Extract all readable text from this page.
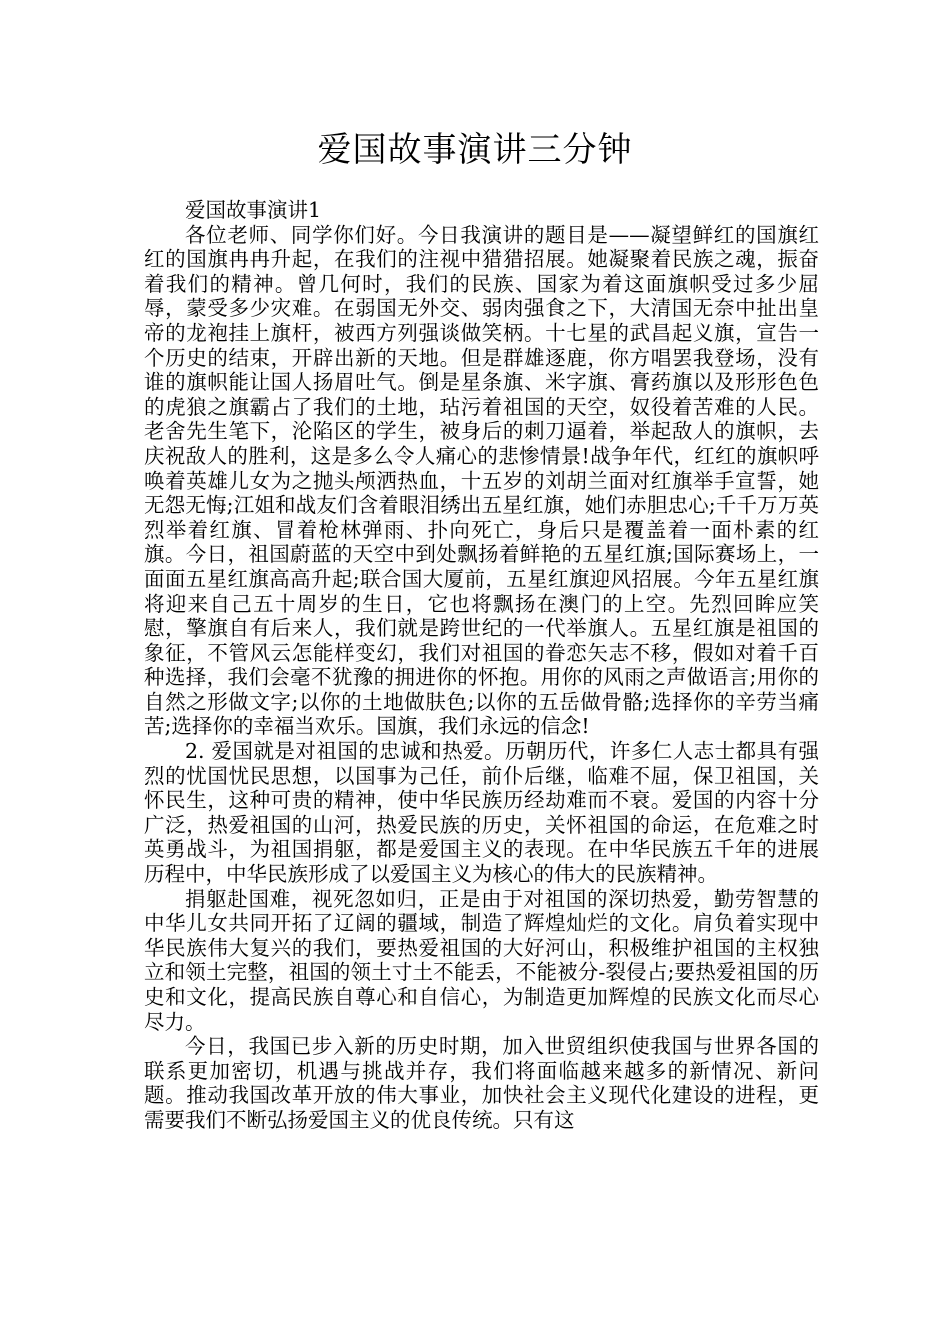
爱国故事演讲三分钟

爱国故事演讲1

各位老师、同学你们好。今日我演讲的题目是——凝望鲜红的国旗红红的国旗冉冉升起，在我们的注视中猎猎招展。她凝聚着民族之魂，振奋着我们的精神。曾几何时，我们的民族、国家为着这面旗帜受过多少屈辱，蒙受多少灾难。在弱国无外交、弱肉强食之下，大清国无奈中扯出皇帝的龙袍挂上旗杆，被西方列强谈做笑柄。十七星的武昌起义旗，宣告一个历史的结束，开辟出新的天地。但是群雄逐鹿，你方唱罢我登场，没有谁的旗帜能让国人扬眉吐气。倒是星条旗、米字旗、膏药旗以及形形色色的虎狼之旗霸占了我们的土地，玷污着祖国的天空，奴役着苦难的人民。老舍先生笔下，沦陷区的学生，被身后的刺刀逼着，举起敌人的旗帜，去庆祝敌人的胜利，这是多么令人痛心的悲惨情景!战争年代，红红的旗帜呼唤着英雄儿女为之抛头颅洒热血，十五岁的刘胡兰面对红旗举手宣誓，她无怨无悔;江姐和战友们含着眼泪绣出五星红旗，她们赤胆忠心;千千万万英烈举着红旗、冒着枪林弹雨、扑向死亡，身后只是覆盖着一面朴素的红旗。今日，祖国蔚蓝的天空中到处飘扬着鲜艳的五星红旗;国际赛场上，一面面五星红旗高高升起;联合国大厦前，五星红旗迎风招展。今年五星红旗将迎来自己五十周岁的生日，它也将飘扬在澳门的上空。先烈回眸应笑慰，擎旗自有后来人，我们就是跨世纪的一代举旗人。五星红旗是祖国的象征，不管风云怎能样变幻，我们对祖国的眷恋矢志不移，假如对着千百种选择，我们会毫不犹豫的拥进你的怀抱。用你的风雨之声做语言;用你的自然之形做文字;以你的土地做肤色;以你的五岳做骨骼;选择你的辛劳当痛苦;选择你的幸福当欢乐。国旗，我们永远的信念!

2. 爱国就是对祖国的忠诚和热爱。历朝历代，许多仁人志士都具有强烈的忧国忧民思想，以国事为己任，前仆后继，临难不屈，保卫祖国，关怀民生，这种可贵的精神，使中华民族历经劫难而不衰。爱国的内容十分广泛，热爱祖国的山河，热爱民族的历史，关怀祖国的命运，在危难之时英勇战斗，为祖国捐躯，都是爱国主义的表现。在中华民族五千年的进展历程中，中华民族形成了以爱国主义为核心的伟大的民族精神。

捐躯赴国难，视死忽如归，正是由于对祖国的深切热爱，勤劳智慧的中华儿女共同开拓了辽阔的疆域，制造了辉煌灿烂的文化。肩负着实现中华民族伟大复兴的我们，要热爱祖国的大好河山，积极维护祖国的主权独立和领土完整，祖国的领土寸土不能丢，不能被分-裂侵占;要热爱祖国的历史和文化，提高民族自尊心和自信心，为制造更加辉煌的民族文化而尽心尽力。

今日，我国已步入新的历史时期，加入世贸组织使我国与世界各国的联系更加密切，机遇与挑战并存，我们将面临越来越多的新情况、新问题。推动我国改革开放的伟大事业，加快社会主义现代化建设的进程，更需要我们不断弘扬爱国主义的优良传统。只有这
